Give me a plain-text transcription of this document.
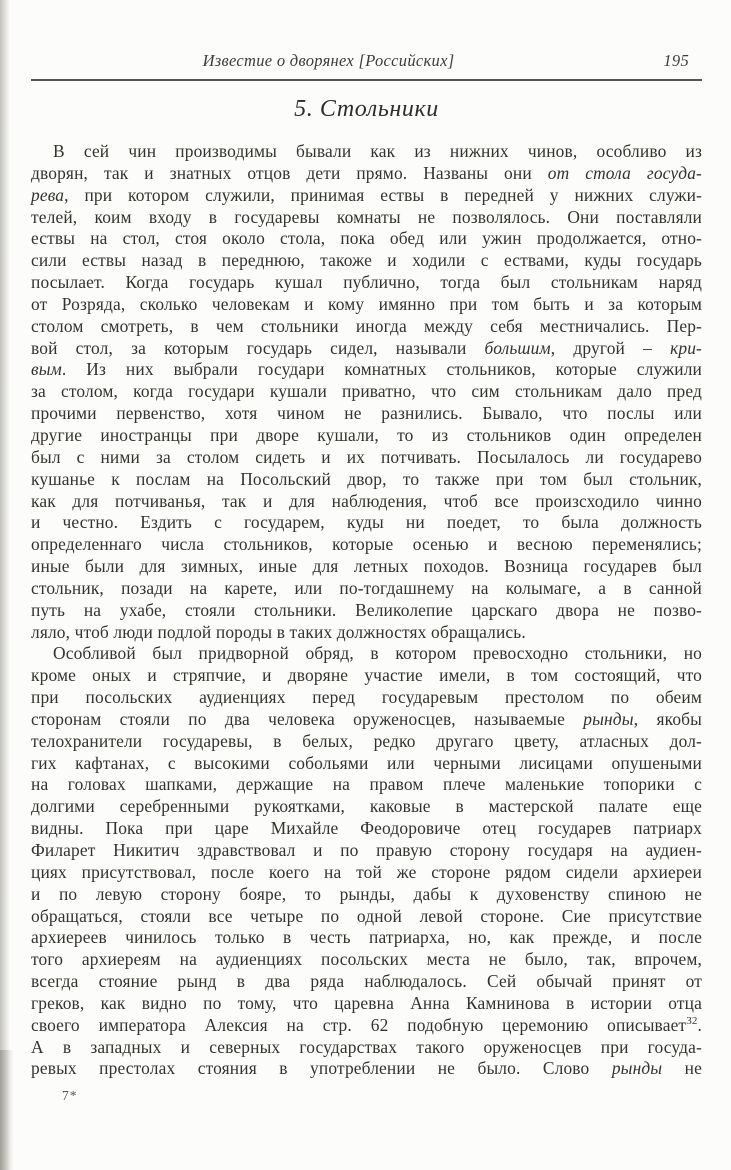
Известие о дворянех [Российских]	195
5. Стольники
В сей чин производимы бывали как из нижних чинов, особливо из
дворян, так и знатных отцов дети прямо. Названы они от стола госуда-
рева, при котором служили, принимая ествы в передней у нижних служи-
телей, коим входу в государевы комнаты не позволялось. Они поставляли
ествы на стол, стоя около стола, пока обед или ужин продолжается, отно-
сили ествы назад в переднюю, такоже и ходили с ествами, куды государь
посылает. Когда государь кушал публично, тогда был стольникам наряд
от Розряда, сколько человекам и кому имянно при том быть и за которым
столом смотреть, в чем стольники иногда между себя местничались. Пер-
вой стол, за которым государь сидел, называли большим, другой – кри-
вым. Из них выбрали государи комнатных стольников, которые служили
за столом, когда государи кушали приватно, что сим стольникам дало пред
прочими первенство, хотя чином не разнились. Бывало, что послы или
другие иностранцы при дворе кушали, то из стольников один определен
был с ними за столом сидеть и их потчивать. Посылалось ли государево
кушанье к послам на Посольский двор, то также при том был стольник,
как для потчиванья, так и для наблюдения, чтоб все произсходило чинно
и честно. Ездить с государем, куды ни поедет, то была должность
определеннаго числа стольников, которые осенью и весною переменялись;
иные были для зимных, иные для летных походов. Возница государев был
стольник, позади на карете, или по-тогдашнему на колымаге, а в санной
путь на ухабе, стояли стольники. Великолепие царскаго двора не позво-
ляло, чтоб люди подлой породы в таких должностях обращались.
Особливой был придворной обряд, в котором превосходно стольники, но
кроме оных и стряпчие, и дворяне участие имели, в том состоящий, что
при посольских аудиенциях перед государевым престолом по обеим
сторонам стояли по два человека оруженосцев, называемые рынды, якобы
телохранители государевы, в белых, редко другаго цвету, атласных дол-
гих кафтанах, с высокими собольями или черными лисицами опушеными
на головах шапками, держащие на правом плече маленькие топорики с
долгими серебренными рукоятками, каковые в мастерской палате еще
видны. Пока при царе Михайле Феодоровиче отец государев патриарх
Филарет Никитич здравствовал и по правую сторону государя на аудиен-
циях присутствовал, после коего на той же стороне рядом сидели архиереи
и по левую сторону бояре, то рынды, дабы к духовенству спиною не
обращаться, стояли все четыре по одной левой стороне. Сие присутствие
архиереев чинилось только в честь патриарха, но, как прежде, и после
того архиереям на аудиенциях посольских места не было, так, впрочем,
всегда стояние рынд в два ряда наблюдалось. Сей обычай принят от
греков, как видно по тому, что царевна Анна Камнинова в истории отца
своего императора Алексия на стр. 62 подобную церемонию описывает$^{32}$.
А в западных и северных государствах такого оруженосцев при госуда-
ревых престолах стояния в употреблении не было. Слово рынды не
7*
